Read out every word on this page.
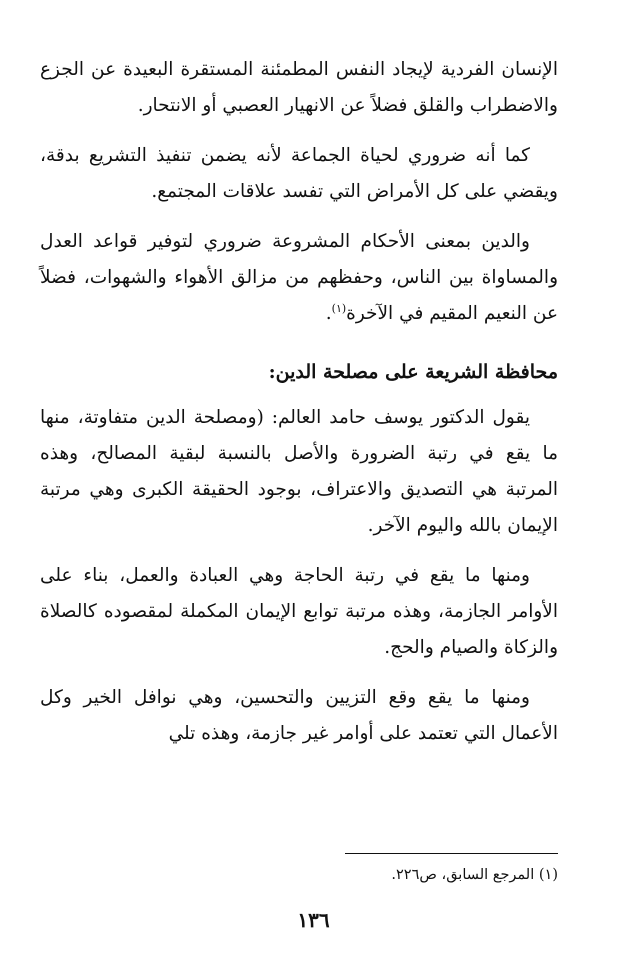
الإنسان الفردية لإيجاد النفس المطمئنة المستقرة البعيدة عن الجزع والاضطراب والقلق فضلاً عن الانهيار العصبي أو الانتحار.

كما أنه ضروري لحياة الجماعة لأنه يضمن تنفيذ التشريع بدقة، ويقضي على كل الأمراض التي تفسد علاقات المجتمع.

والدين بمعنى الأحكام المشروعة ضروري لتوفير قواعد العدل والمساواة بين الناس، وحفظهم من مزالق الأهواء والشهوات، فضلاً عن النعيم المقيم في الآخرة$^{(١)}$.

محافظة الشريعة على مصلحة الدين:

يقول الدكتور يوسف حامد العالم: (ومصلحة الدين متفاوتة، منها ما يقع في رتبة الضرورة والأصل بالنسبة لبقية المصالح، وهذه المرتبة هي التصديق والاعتراف، بوجود الحقيقة الكبرى وهي مرتبة الإيمان بالله واليوم الآخر.

ومنها ما يقع في رتبة الحاجة وهي العبادة والعمل، بناء على الأوامر الجازمة، وهذه مرتبة توابع الإيمان المكملة لمقصوده كالصلاة والزكاة والصيام والحج.

ومنها ما يقع وقع التزيين والتحسين، وهي نوافل الخير وكل الأعمال التي تعتمد على أوامر غير جازمة، وهذه تلي

(١) المرجع السابق، ص٢٢٦.
١٣٦
